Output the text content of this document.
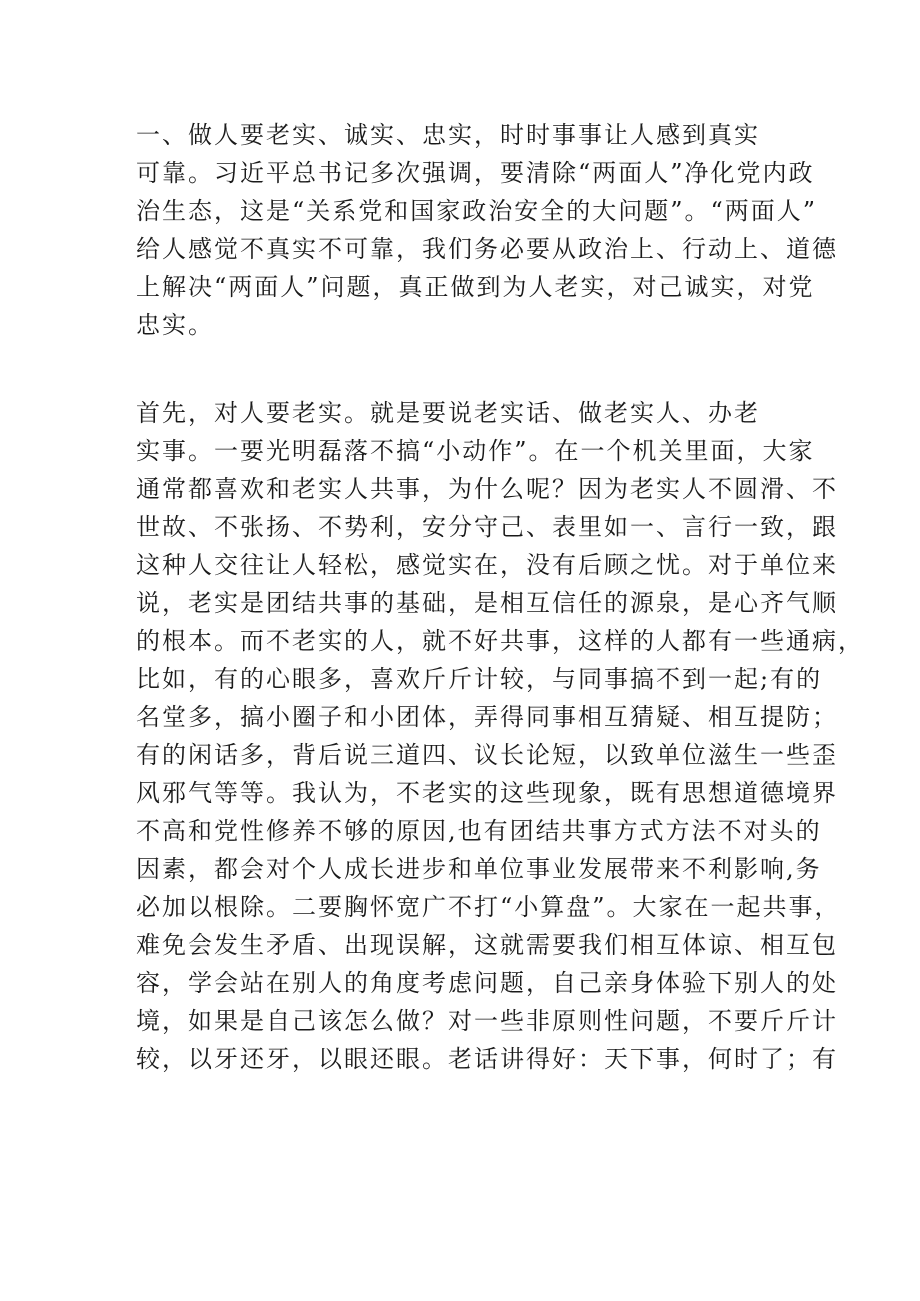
一、做人要老实、诚实、忠实，时时事事让人感到真实
可靠。习近平总书记多次强调，要清除“两面人”净化党内政
治生态，这是“关系党和国家政治安全的大问题”。“两面人”
给人感觉不真实不可靠，我们务必要从政治上、行动上、道德
上解决“两面人”问题，真正做到为人老实，对己诚实，对党
忠实。
首先，对人要老实。就是要说老实话、做老实人、办老
实事。一要光明磊落不搞“小动作”。在一个机关里面，大家
通常都喜欢和老实人共事，为什么呢？因为老实人不圆滑、不
世故、不张扬、不势利，安分守己、表里如一、言行一致，跟
这种人交往让人轻松，感觉实在，没有后顾之忧。对于单位来
说，老实是团结共事的基础，是相互信任的源泉，是心齐气顺
的根本。而不老实的人，就不好共事，这样的人都有一些通病，
比如，有的心眼多，喜欢斤斤计较，与同事搞不到一起;有的
名堂多，搞小圈子和小团体，弄得同事相互猜疑、相互提防；
有的闲话多，背后说三道四、议长论短，以致单位滋生一些歪
风邪气等等。我认为，不老实的这些现象，既有思想道德境界
不高和党性修养不够的原因,也有团结共事方式方法不对头的
因素，都会对个人成长进步和单位事业发展带来不利影响,务
必加以根除。二要胸怀宽广不打“小算盘”。大家在一起共事，
难免会发生矛盾、出现误解，这就需要我们相互体谅、相互包
容，学会站在别人的角度考虑问题，自己亲身体验下别人的处
境，如果是自己该怎么做？对一些非原则性问题，不要斤斤计
较，以牙还牙，以眼还眼。老话讲得好：天下事，何时了；有
